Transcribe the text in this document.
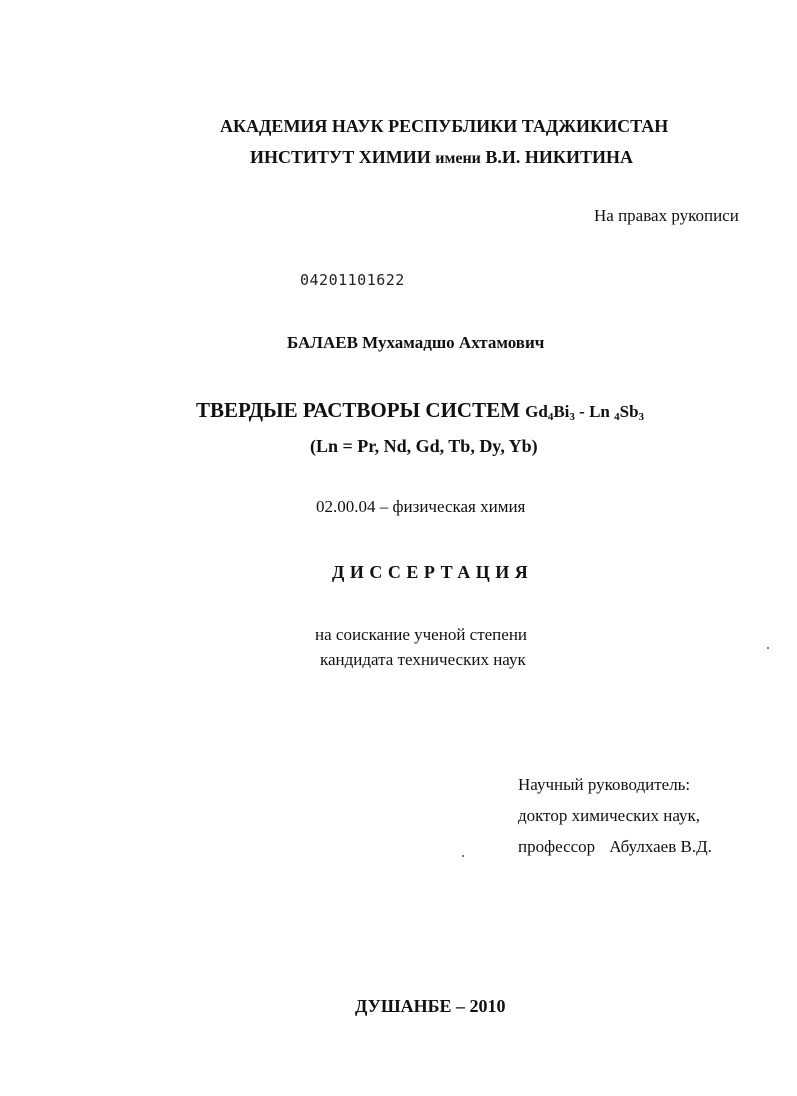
АКАДЕМИЯ НАУК РЕСПУБЛИКИ ТАДЖИКИСТАН
ИНСТИТУТ ХИМИИ имени В.И. НИКИТИНА
На правах рукописи
04201101622
БАЛАЕВ Мухамадшо Ахтамович
ТВЕРДЫЕ РАСТВОРЫ СИСТЕМ $Gd_4Bi_3$ - Ln $_4Sb_3$
(Ln = Pr, Nd, Gd, Tb, Dy, Yb)
02.00.04 – физическая химия
ДИССЕРТАЦИЯ
на соискание ученой степени
кандидата технических наук
Научный руководитель:
доктор химических наук,
профессор Абулхаев В.Д.
ДУШАНБЕ – 2010
